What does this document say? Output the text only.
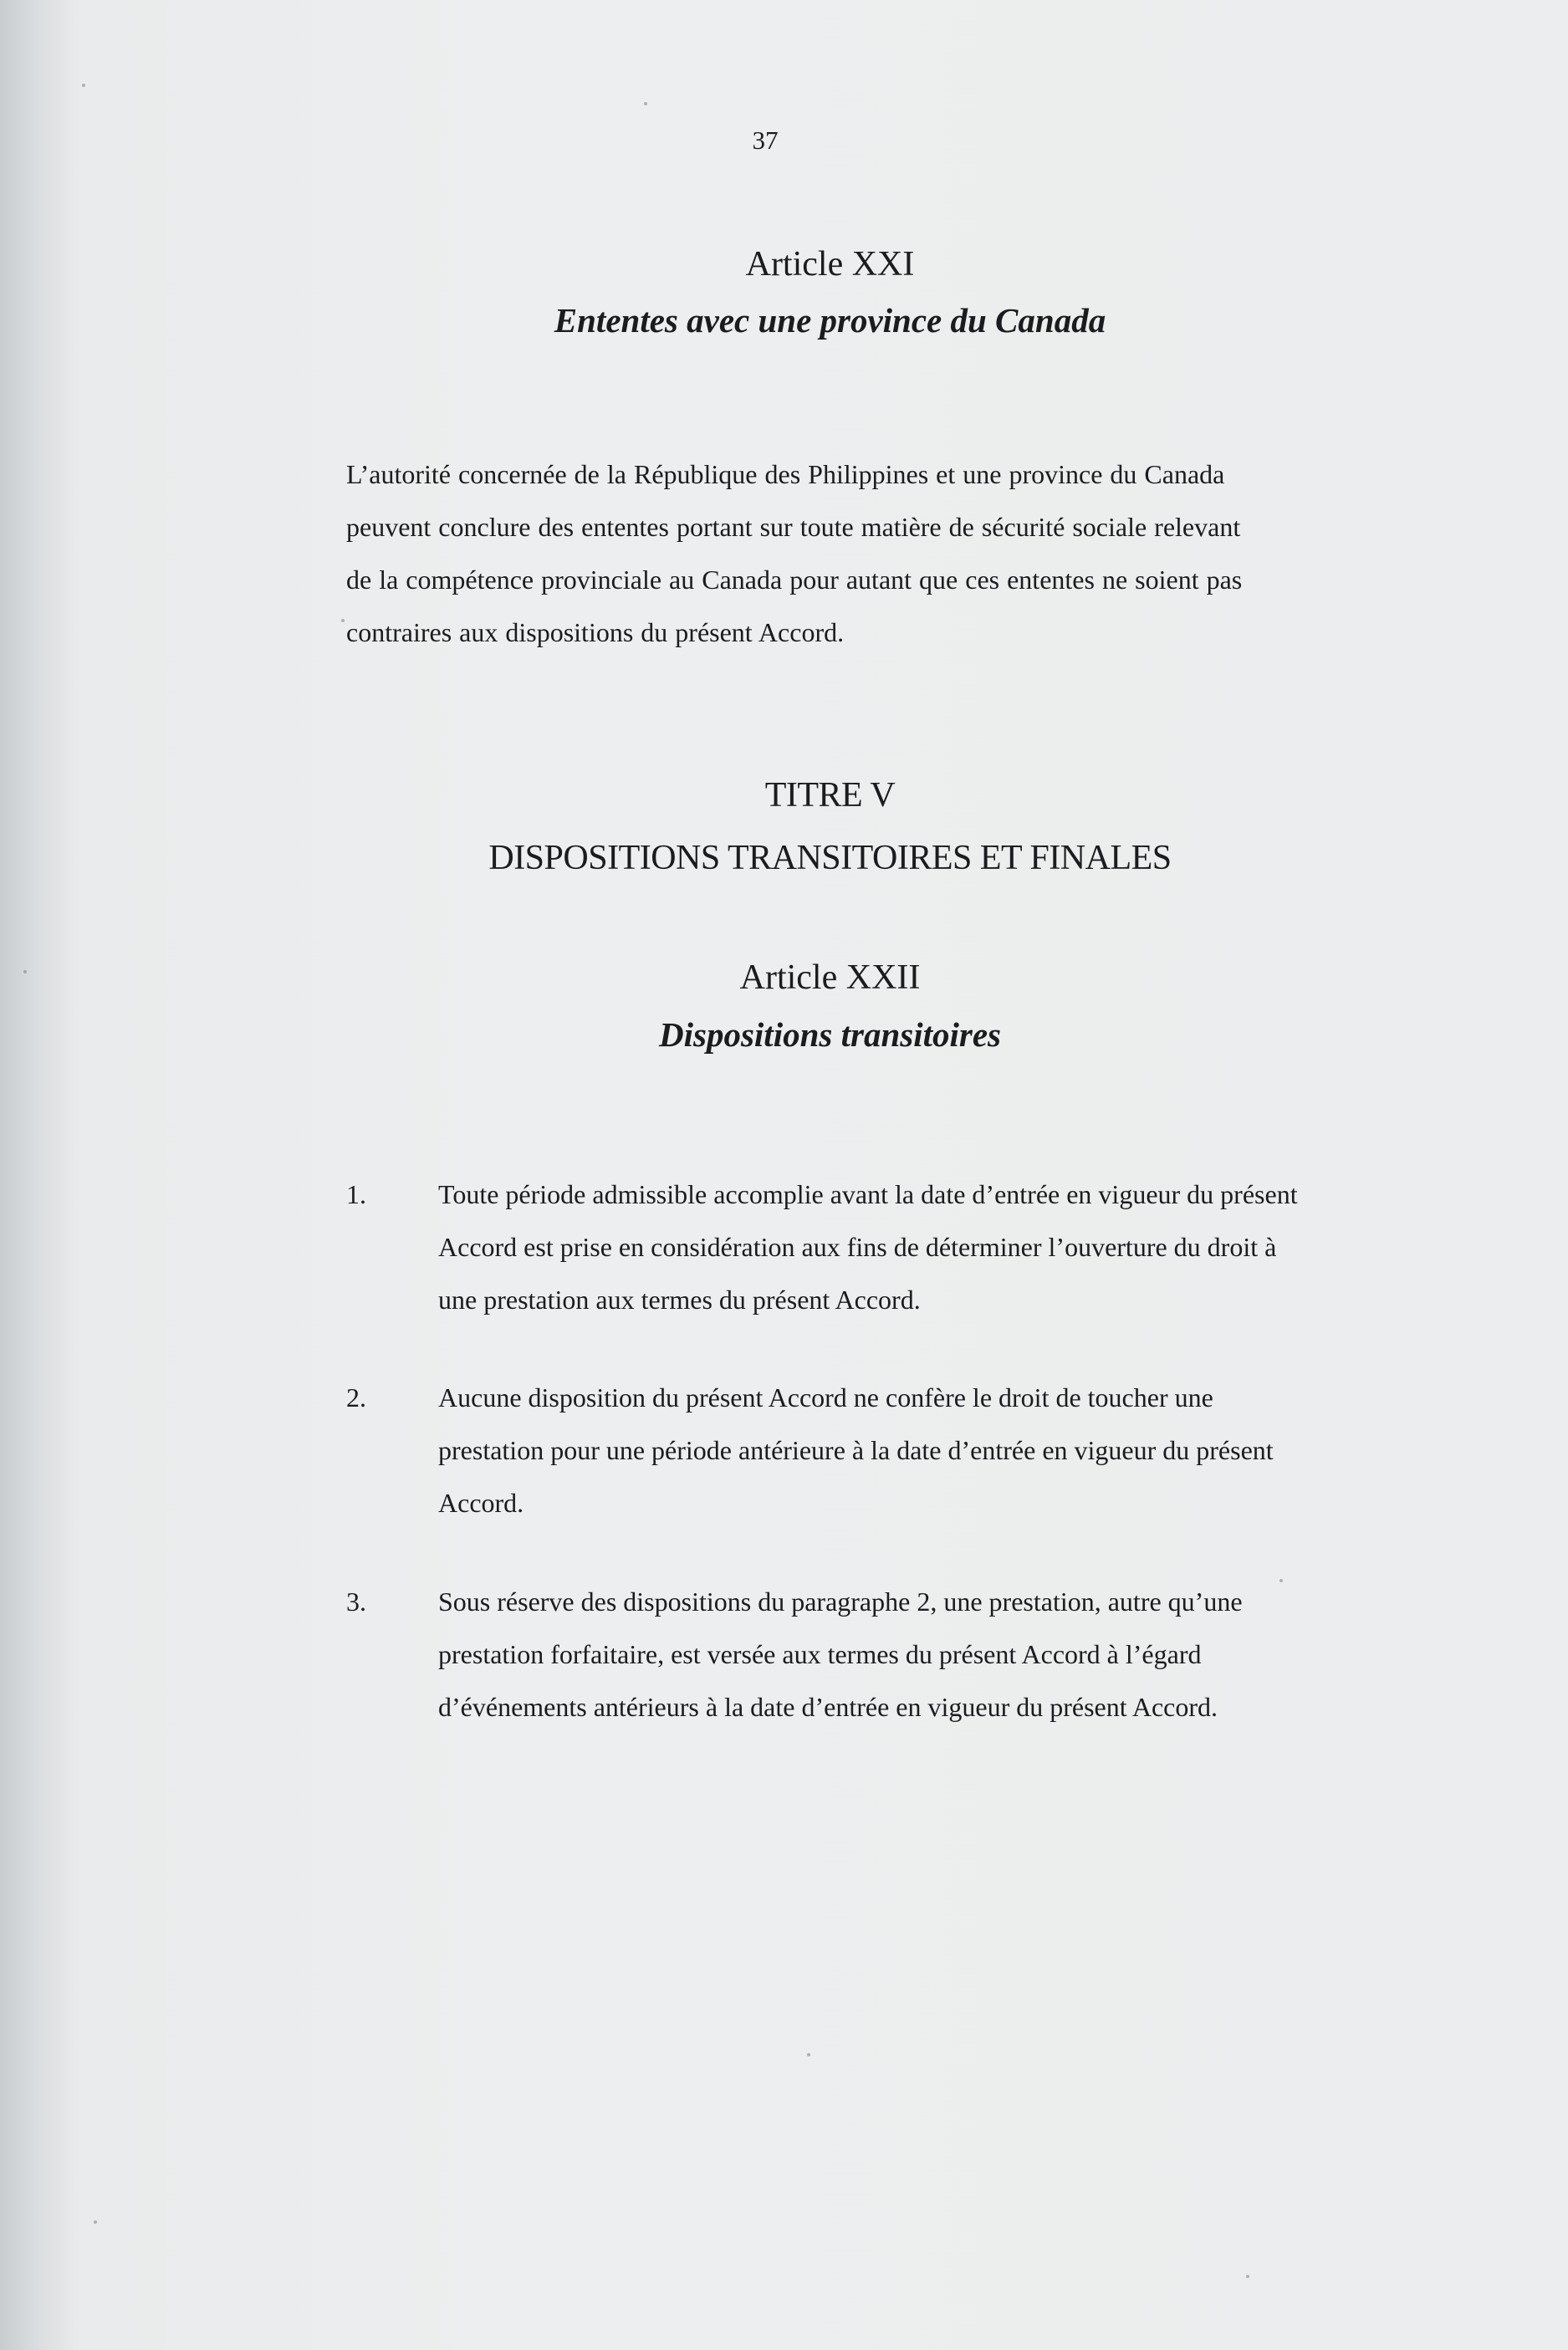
37
Article XXI
Ententes avec une province du Canada

L’autorité concernée de la République des Philippines et une province du Canada peuvent conclure des ententes portant sur toute matière de sécurité sociale relevant de la compétence provinciale au Canada pour autant que ces ententes ne soient pas contraires aux dispositions du présent Accord.

TITRE V
DISPOSITIONS TRANSITOIRES ET FINALES
Article XXII
Dispositions transitoires
1.	Toute période admissible accomplie avant la date d’entrée en vigueur du présent Accord est prise en considération aux fins de déterminer l’ouverture du droit à une prestation aux termes du présent Accord.

2.	Aucune disposition du présent Accord ne confère le droit de toucher une prestation pour une période antérieure à la date d’entrée en vigueur du présent Accord.

3.	Sous réserve des dispositions du paragraphe 2, une prestation, autre qu’une prestation forfaitaire, est versée aux termes du présent Accord à l’égard d’événements antérieurs à la date d’entrée en vigueur du présent Accord.
